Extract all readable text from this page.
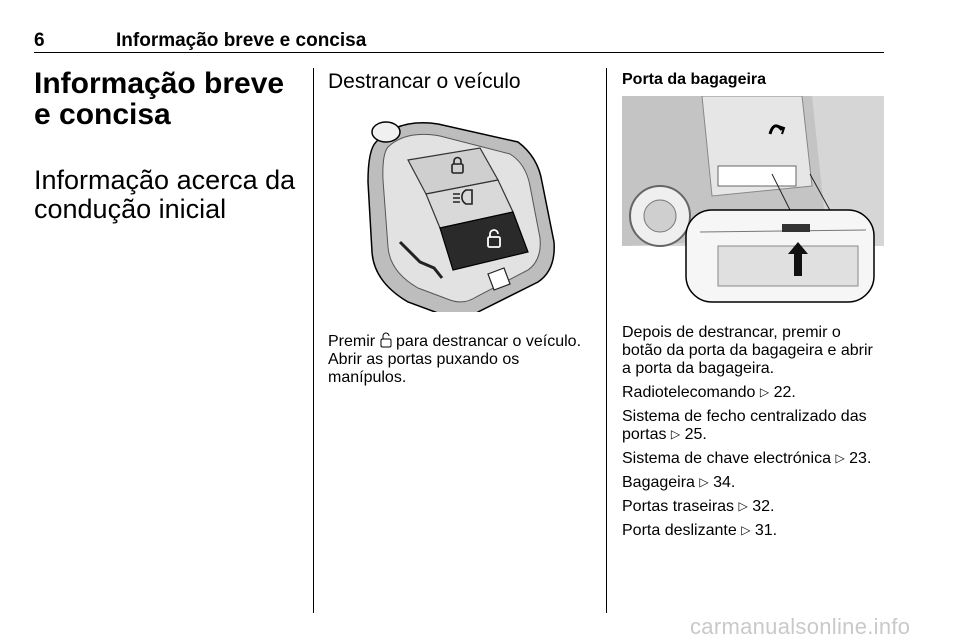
6	Informação breve e concisa

Informação breve e concisa

Informação acerca da condução inicial

Destrancar o veículo

Premir para destrancar o veículo. Abrir as portas puxando os manípulos.

Porta da bagageira

Depois de destrancar, premir o botão da porta da bagageira e abrir a porta da bagageira.

Radiotelecomando ▷ 22.

Sistema de fecho centralizado das portas ▷ 25.

Sistema de chave electrónica ▷ 23.

Bagageira ▷ 34.

Portas traseiras ▷ 32.

Porta deslizante ▷ 31.

carmanualsonline.info
